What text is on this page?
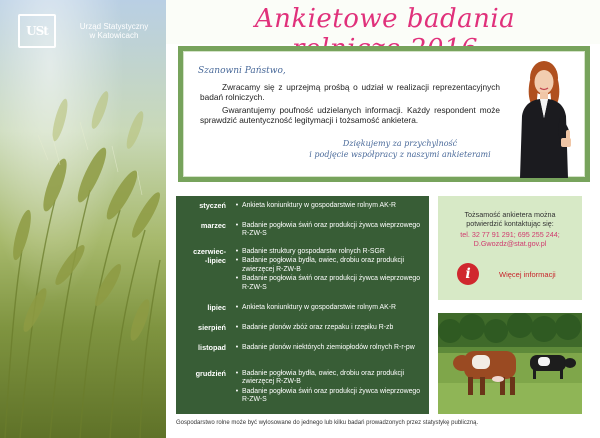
USt	Urząd Statystyczny
w Katowicach
Ankietowe badania
Szanowni Państwo,
Zwracamy się z uprzejmą prośbą o udział w realizacji reprezentacyjnych badań rolniczych.
Gwarantujemy poufność udzielanych informacji. Każdy respondent może sprawdzić autentyczność legitymacji i tożsamość ankietera.
Dziękujemy za przychylność
i podjęcie współpracy z naszymi ankieterami
styczeń	• Ankieta koniunktury w gospodarstwie rolnym AK-R
marzec	• Badanie pogłowia świń oraz produkcji żywca wieprzowego R-ZW-S
czerwiec-
-lipiec
• Badanie struktury gospodarstw rolnych R-SGR
• Badanie pogłowia bydła, owiec, drobiu oraz produkcji zwierzęcej R-ZW-B
• Badanie pogłowia świń oraz produkcji żywca wieprzowego R-ZW-S
lipiec	• Ankieta koniunktury w gospodarstwie rolnym AK-R
sierpień	• Badanie plonów zbóż oraz rzepaku i rzepiku R-zb
listopad	• Badanie plonów niektórych ziemiopłodów rolnych R-r-pw
grudzień	• Badanie pogłowia bydła, owiec, drobiu oraz produkcji zwierzęcej R-ZW-B
• Badanie pogłowia świń oraz produkcji żywca wieprzowego R-ZW-S
Tożsamość ankietera można
potwierdzić kontaktując się:
tel. 32 77 91 291; 695 255 244;
D.Gwozdz@stat.gov.pl
i	Więcej informacji
Gospodarstwo rolne może być wylosowane do jednego lub kilku badań prowadzonych przez statystykę publiczną.
